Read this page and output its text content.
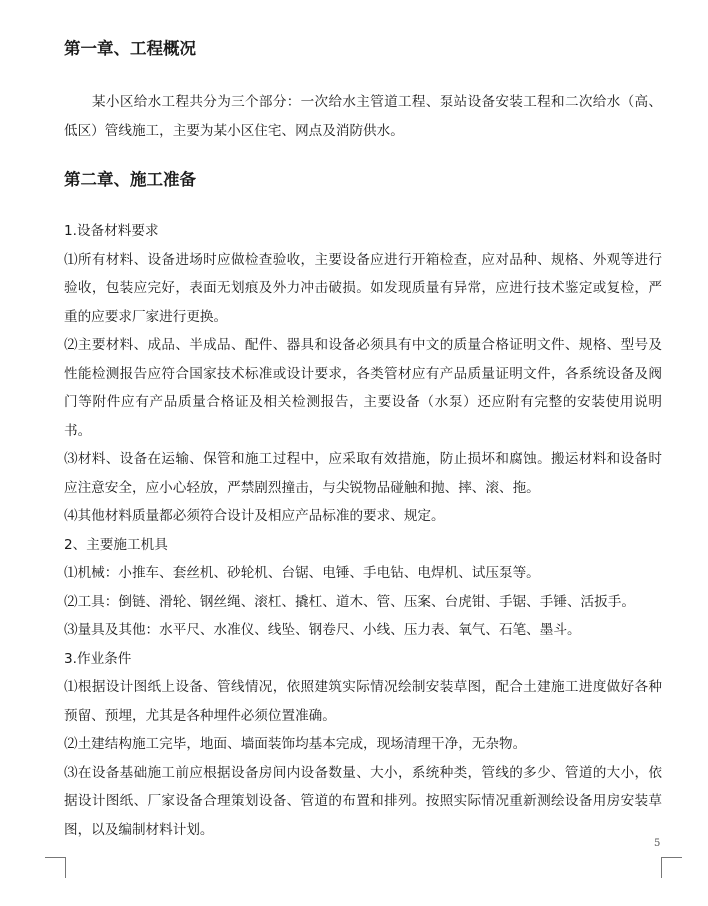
第一章、工程概况

某小区给水工程共分为三个部分：一次给水主管道工程、泵站设备安装工程和二次给水（高、低区）管线施工，主要为某小区住宅、网点及消防供水。

第二章、施工准备

1.设备材料要求

⑴所有材料、设备进场时应做检查验收，主要设备应进行开箱检查，应对品种、规格、外观等进行验收，包装应完好，表面无划痕及外力冲击破损。如发现质量有异常，应进行技术鉴定或复检，严重的应要求厂家进行更换。

⑵主要材料、成品、半成品、配件、器具和设备必须具有中文的质量合格证明文件、规格、型号及性能检测报告应符合国家技术标准或设计要求，各类管材应有产品质量证明文件，各系统设备及阀门等附件应有产品质量合格证及相关检测报告，主要设备（水泵）还应附有完整的安装使用说明书。

⑶材料、设备在运输、保管和施工过程中，应采取有效措施，防止损坏和腐蚀。搬运材料和设备时应注意安全，应小心轻放，严禁剧烈撞击，与尖锐物品碰触和抛、摔、滚、拖。

⑷其他材料质量都必须符合设计及相应产品标准的要求、规定。

2、主要施工机具

⑴机械：小推车、套丝机、砂轮机、台锯、电锤、手电钻、电焊机、试压泵等。

⑵工具：倒链、滑轮、钢丝绳、滚杠、撬杠、道木、管、压案、台虎钳、手锯、手锤、活扳手。

⑶量具及其他：水平尺、水准仪、线坠、钢卷尺、小线、压力表、氧气、石笔、墨斗。

3.作业条件

⑴根据设计图纸上设备、管线情况，依照建筑实际情况绘制安装草图，配合土建施工进度做好各种预留、预埋，尤其是各种埋件必须位置准确。

⑵土建结构施工完毕，地面、墙面装饰均基本完成，现场清理干净，无杂物。

⑶在设备基础施工前应根据设备房间内设备数量、大小，系统种类，管线的多少、管道的大小，依据设计图纸、厂家设备合理策划设备、管道的布置和排列。按照实际情况重新测绘设备用房安装草图，以及编制材料计划。

5
